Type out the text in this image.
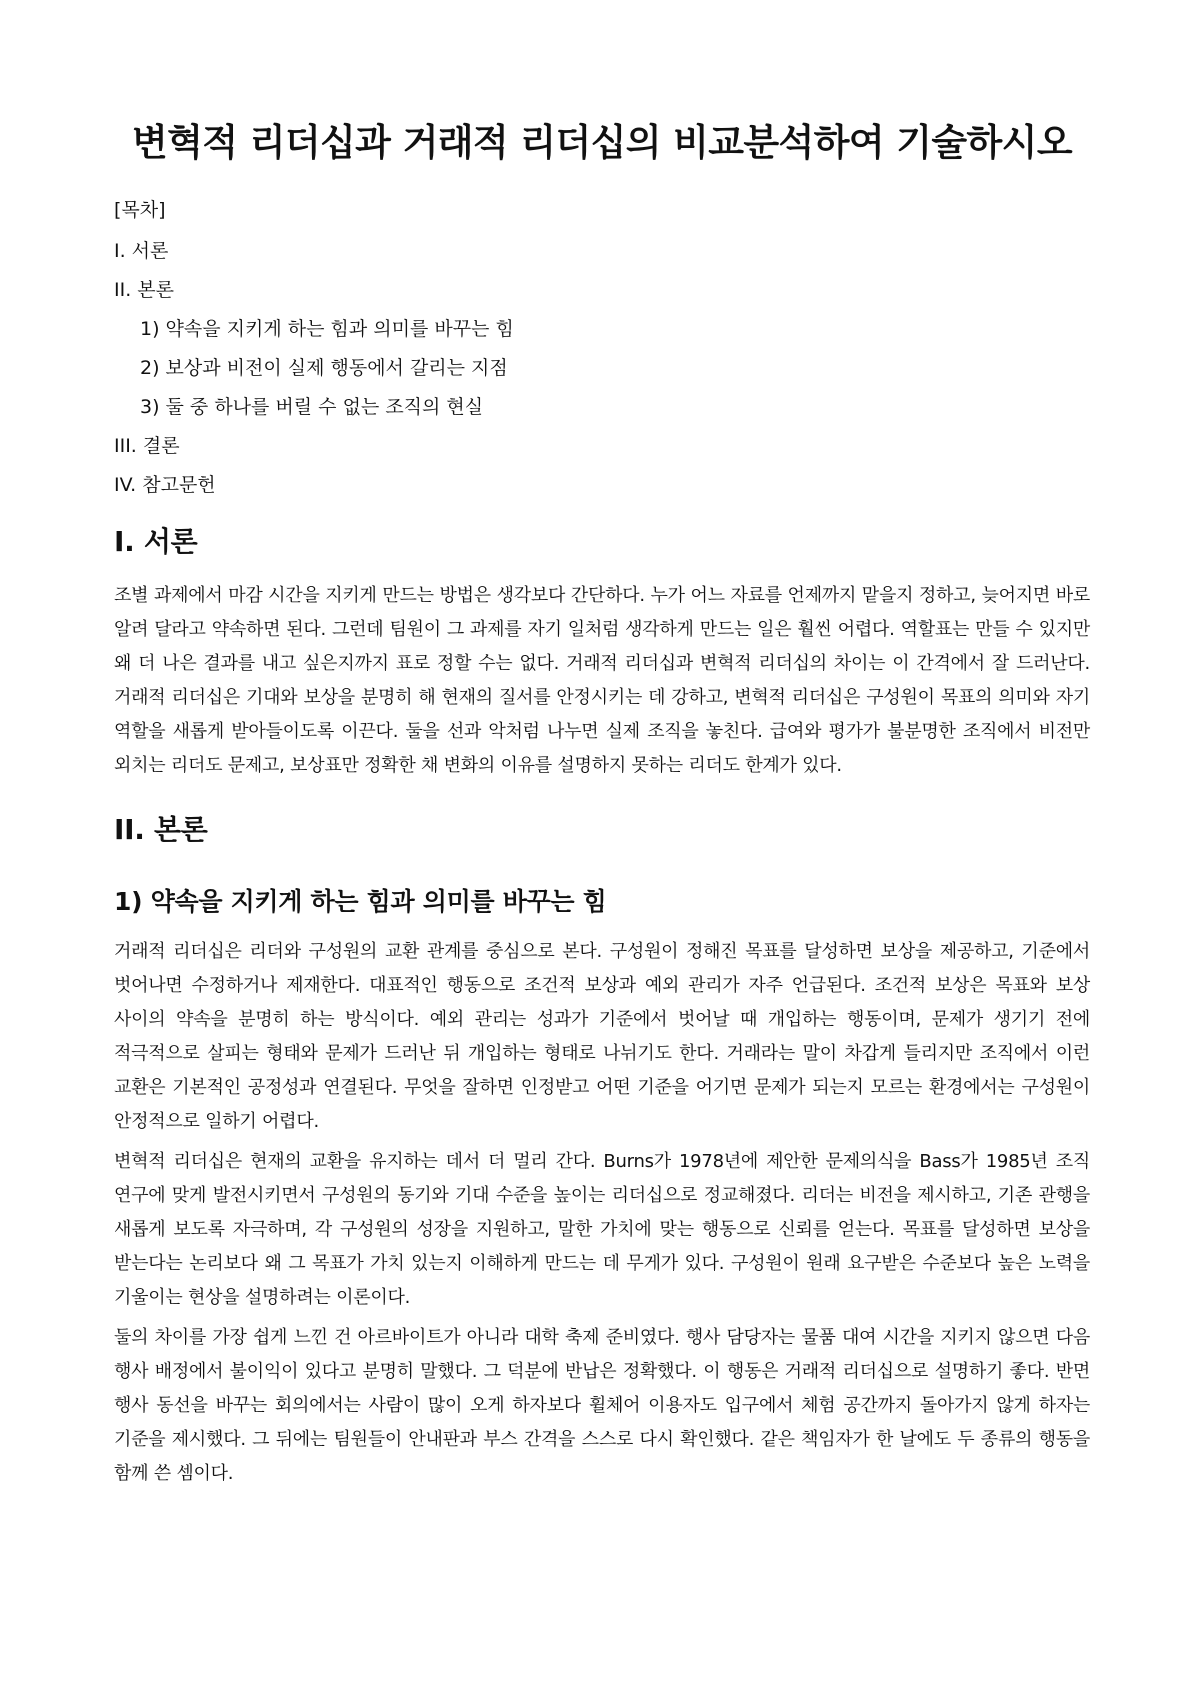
변혁적 리더십과 거래적 리더십의 비교분석하여 기술하시오
[목차]
I. 서론
II. 본론
1) 약속을 지키게 하는 힘과 의미를 바꾸는 힘
2) 보상과 비전이 실제 행동에서 갈리는 지점
3) 둘 중 하나를 버릴 수 없는 조직의 현실
III. 결론
IV. 참고문헌
I. 서론

조별 과제에서 마감 시간을 지키게 만드는 방법은 생각보다 간단하다. 누가 어느 자료를 언제까지 맡을지 정하고, 늦어지면 바로 알려 달라고 약속하면 된다. 그런데 팀원이 그 과제를 자기 일처럼 생각하게 만드는 일은 훨씬 어렵다. 역할표는 만들 수 있지만 왜 더 나은 결과를 내고 싶은지까지 표로 정할 수는 없다. 거래적 리더십과 변혁적 리더십의 차이는 이 간격에서 잘 드러난다. 거래적 리더십은 기대와 보상을 분명히 해 현재의 질서를 안정시키는 데 강하고, 변혁적 리더십은 구성원이 목표의 의미와 자기 역할을 새롭게 받아들이도록 이끈다. 둘을 선과 악처럼 나누면 실제 조직을 놓친다. 급여와 평가가 불분명한 조직에서 비전만 외치는 리더도 문제고, 보상표만 정확한 채 변화의 이유를 설명하지 못하는 리더도 한계가 있다.

II. 본론
1) 약속을 지키게 하는 힘과 의미를 바꾸는 힘

거래적 리더십은 리더와 구성원의 교환 관계를 중심으로 본다. 구성원이 정해진 목표를 달성하면 보상을 제공하고, 기준에서 벗어나면 수정하거나 제재한다. 대표적인 행동으로 조건적 보상과 예외 관리가 자주 언급된다. 조건적 보상은 목표와 보상 사이의 약속을 분명히 하는 방식이다. 예외 관리는 성과가 기준에서 벗어날 때 개입하는 행동이며, 문제가 생기기 전에 적극적으로 살피는 형태와 문제가 드러난 뒤 개입하는 형태로 나뉘기도 한다. 거래라는 말이 차갑게 들리지만 조직에서 이런 교환은 기본적인 공정성과 연결된다. 무엇을 잘하면 인정받고 어떤 기준을 어기면 문제가 되는지 모르는 환경에서는 구성원이 안정적으로 일하기 어렵다.

변혁적 리더십은 현재의 교환을 유지하는 데서 더 멀리 간다. Burns가 1978년에 제안한 문제의식을 Bass가 1985년 조직 연구에 맞게 발전시키면서 구성원의 동기와 기대 수준을 높이는 리더십으로 정교해졌다. 리더는 비전을 제시하고, 기존 관행을 새롭게 보도록 자극하며, 각 구성원의 성장을 지원하고, 말한 가치에 맞는 행동으로 신뢰를 얻는다. 목표를 달성하면 보상을 받는다는 논리보다 왜 그 목표가 가치 있는지 이해하게 만드는 데 무게가 있다. 구성원이 원래 요구받은 수준보다 높은 노력을 기울이는 현상을 설명하려는 이론이다.

둘의 차이를 가장 쉽게 느낀 건 아르바이트가 아니라 대학 축제 준비였다. 행사 담당자는 물품 대여 시간을 지키지 않으면 다음 행사 배정에서 불이익이 있다고 분명히 말했다. 그 덕분에 반납은 정확했다. 이 행동은 거래적 리더십으로 설명하기 좋다. 반면 행사 동선을 바꾸는 회의에서는 사람이 많이 오게 하자보다 휠체어 이용자도 입구에서 체험 공간까지 돌아가지 않게 하자는 기준을 제시했다. 그 뒤에는 팀원들이 안내판과 부스 간격을 스스로 다시 확인했다. 같은 책임자가 한 날에도 두 종류의 행동을 함께 쓴 셈이다.
